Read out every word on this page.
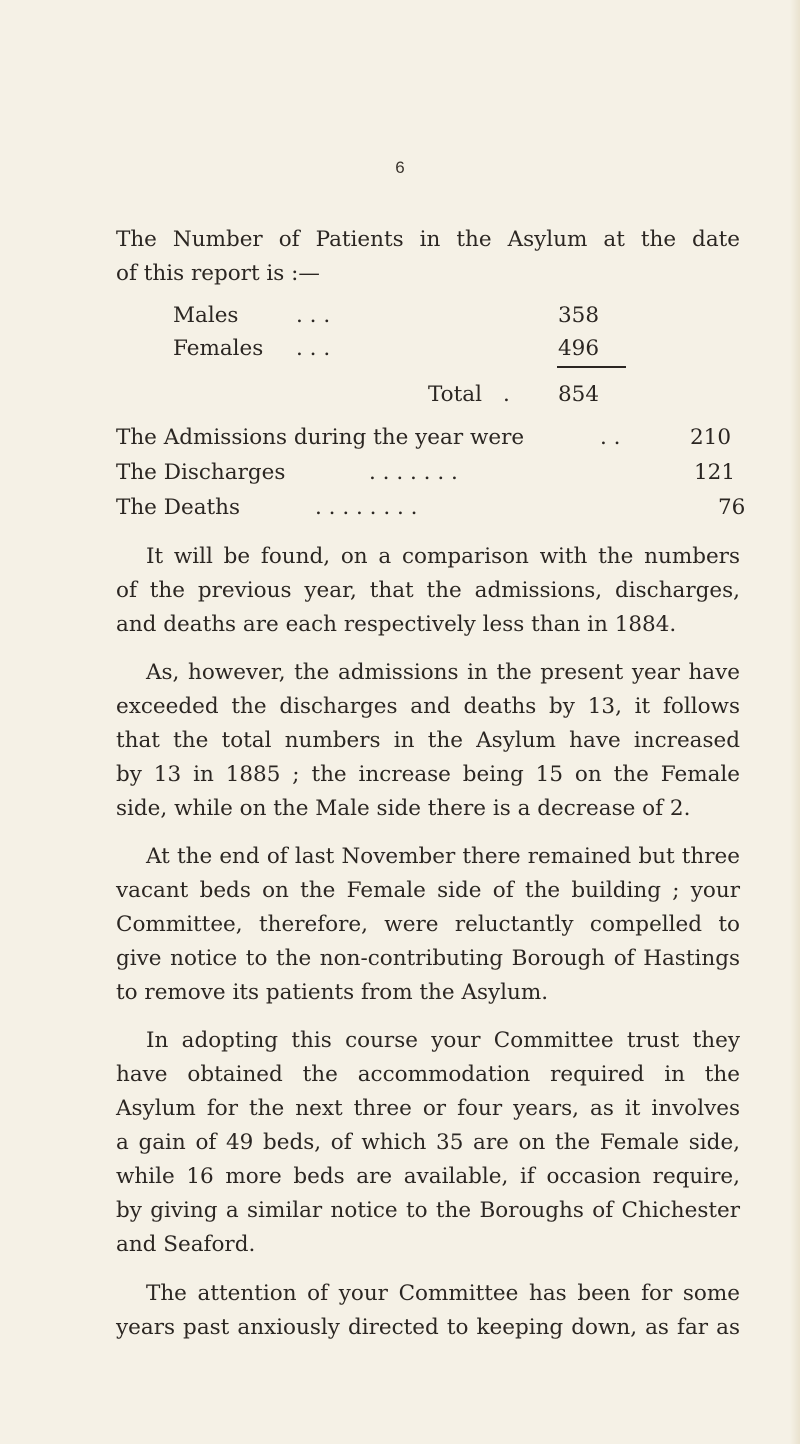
6
The Number of Patients in the Asylum at the date
of this report is :—
Males	. . .	358
Females . . .	496
Total . 854
The Admissions during the year were	. .	210
The Discharges	. . . . . . .	121
The Deaths	. . . . . . . .	76
It will be found, on a comparison with the numbers
of the previous year, that the admissions, discharges,
and deaths are each respectively less than in 1884.
As, however, the admissions in the present year have
exceeded the discharges and deaths by 13, it follows
that the total numbers in the Asylum have increased
by 13 in 1885 ; the increase being 15 on the Female
side, while on the Male side there is a decrease of 2.
At the end of last November there remained but three
vacant beds on the Female side of the building ; your
Committee, therefore, were reluctantly compelled to
give notice to the non-contributing Borough of Hastings
to remove its patients from the Asylum.
In adopting this course your Committee trust they
have obtained the accommodation required in the
Asylum for the next three or four years, as it involves
a gain of 49 beds, of which 35 are on the Female side,
while 16 more beds are available, if occasion require,
by giving a similar notice to the Boroughs of Chichester
and Seaford.
The attention of your Committee has been for some
years past anxiously directed to keeping down, as far as
